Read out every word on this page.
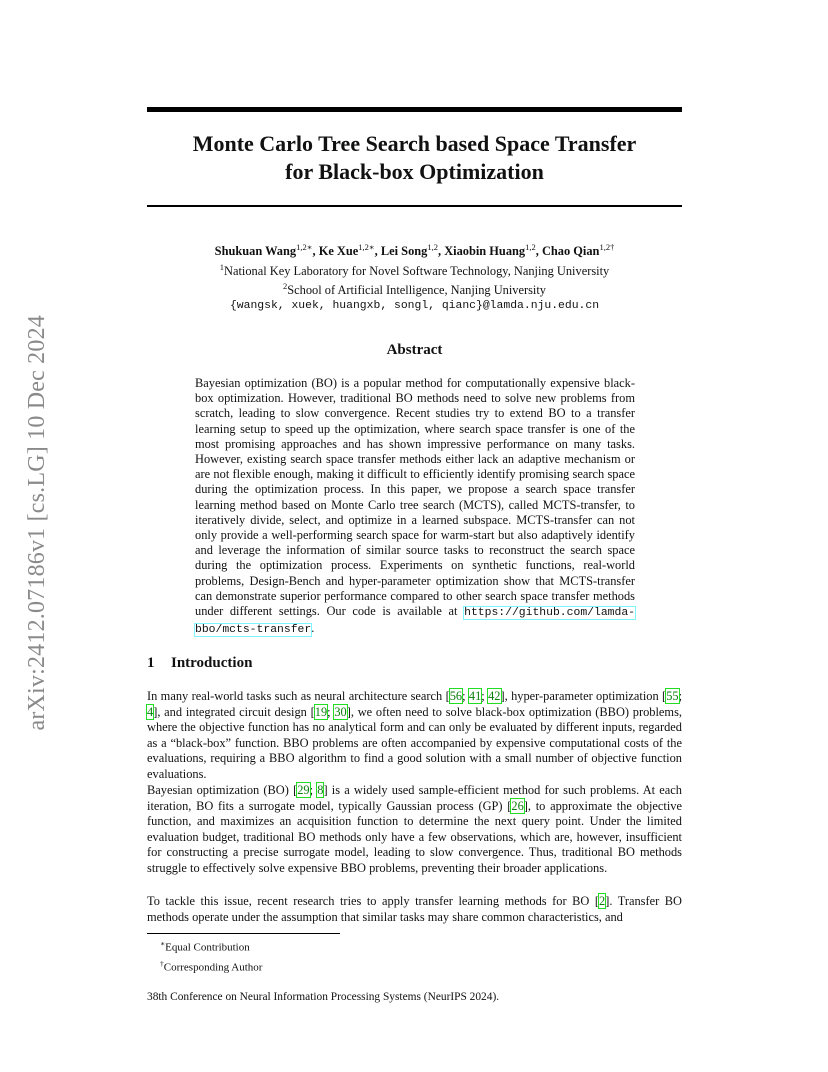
arXiv:2412.07186v1 [cs.LG] 10 Dec 2024
Monte Carlo Tree Search based Space Transfer
for Black-box Optimization
Shukuan Wang$^{1,2∗}$, Ke Xue$^{1,2∗}$, Lei Song$^{1,2}$, Xiaobin Huang$^{1,2}$, Chao Qian$^{1,2\dagger}$
$^1$National Key Laboratory for Novel Software Technology, Nanjing University
$^2$School of Artificial Intelligence, Nanjing University
{wangsk, xuek, huangxb, songl, qianc}@lamda.nju.edu.cn
Abstract

Bayesian optimization (BO) is a popular method for computationally expensive black-box optimization. However, traditional BO methods need to solve new problems from scratch, leading to slow convergence. Recent studies try to extend BO to a transfer learning setup to speed up the optimization, where search space transfer is one of the most promising approaches and has shown impressive performance on many tasks. However, existing search space transfer methods either lack an adaptive mechanism or are not flexible enough, making it difficult to efficiently identify promising search space during the optimization process. In this paper, we propose a search space transfer learning method based on Monte Carlo tree search (MCTS), called MCTS-transfer, to iteratively divide, select, and optimize in a learned subspace. MCTS-transfer can not only provide a well-performing search space for warm-start but also adaptively identify and leverage the information of similar source tasks to reconstruct the search space during the optimization process. Experiments on synthetic functions, real-world problems, Design-Bench and hyper-parameter optimization show that MCTS-transfer can demonstrate superior performance compared to other search space transfer methods under different settings. Our code is available at https://github.com/lamda-bbo/mcts-transfer.

1 Introduction

In many real-world tasks such as neural architecture search [56; 41; 42], hyper-parameter optimization [55; 4], and integrated circuit design [19; 30], we often need to solve black-box optimization (BBO) problems, where the objective function has no analytical form and can only be evaluated by different inputs, regarded as a “black-box” function. BBO problems are often accompanied by expensive computational costs of the evaluations, requiring a BBO algorithm to find a good solution with a small number of objective function evaluations.

Bayesian optimization (BO) [29; 8] is a widely used sample-efficient method for such problems. At each iteration, BO fits a surrogate model, typically Gaussian process (GP) [26], to approximate the objective function, and maximizes an acquisition function to determine the next query point. Under the limited evaluation budget, traditional BO methods only have a few observations, which are, however, insufficient for constructing a precise surrogate model, leading to slow convergence. Thus, traditional BO methods struggle to effectively solve expensive BBO problems, preventing their broader applications.

To tackle this issue, recent research tries to apply transfer learning methods for BO [2]. Transfer BO methods operate under the assumption that similar tasks may share common characteristics, and

∗Equal Contribution
†Corresponding Author
38th Conference on Neural Information Processing Systems (NeurIPS 2024).
